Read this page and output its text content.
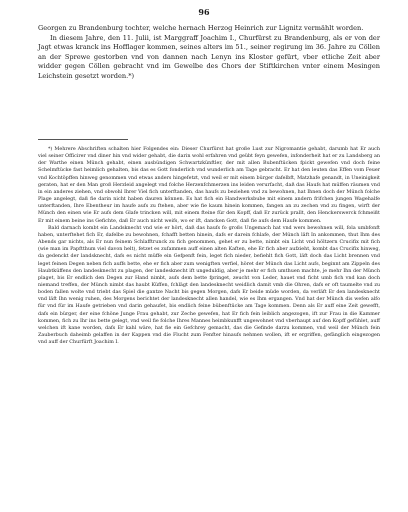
96

Georgen zu Brandenburg tochter, welche hernach Herzog Heinrich zur Lignitz vermählt worden.

In diesem Jahre, den 11. Julii, ist Marggraff Joachim I., Churfürst zu Brandenburg, als er von der Jagt etwas kranck ins Hofflager kommen, seines alters im 51., seiner regirung im 36. Jahre zu Cöllen an der Sprewe gestorben vnd von dannen nach Lenyn ins Kloster gefürt, vber etliche Zeit aber widder gegen Cöllen gebracht vnd im Gewelbe des Chors der Stiftkirchen vnter einem Mesingen Leichstein gesetzt worden.*)

*) Mehrere Abschriften schalten hier Folgendes ein: Dieser Churfürst hat große Lust zur Nigromantie gehabt, darumb hat Er auch viel seiner Officirer vnd diner hin vnd wider gehabt, die darin wohl erfahren vnd geübt feyn gewefen, infonderheit hat er zu Landsberg an der Warthe einen Münch gehabt, einen ausbündigen Schwartzkünftler, der mit allen Bubenftücken fpickt gewefen vnd doch feine Schelmftücke fast heimlich gehalten, bis das es Gott fonderlich vnd wunderlich am Tage gebracht. Er hat den leuten das Effen vom Feuer vnd Kochtöpffen hinweg genommen vnd etwas anders hingefetzt, vnd weil er mit einem bürger dafelbft, Matzhafe genandt, in Uneinigkeit geraten, hat er den Man groß Herzleid angelegt vnd folche Herzenfchmerzen ins leiden verurfacht, daß das Haufs hat müffen räumen vnd in ein anderes ziehen, vnd obwohl Ihrer Viel fich unterftanden, das haufs zu beziehen vnd zu bewohnen, hat Ihnen doch der Münch folche Plage angelegt, daß fie darin nicht haben dauren können. Es hat fich ein Handwerksbube mit einem andern frifchen jungen Wagehalfe unterftanden, Ihre Ebentheur im haufe aufs zu ftehen, aber wie fie kaum hinein kommen, fangen an zu zechen vnd zu fingen, wirft der Münch den einen wie Er aufs dem Glafe trincken will, mit einem fteine für den Kopff, daß Er zurück prallt, den Henckerswerck fchmeißt Er mit einem beine ins Gefichte, daß Er auch nicht weifs, wo er ift, dancken Gott, daß fie aufs dem Haufe kommen.

Bald darnach kombt ein Landsknecht vnd wie er hört, daß das haufs fo großs Ungemach hat vnd wers bewohnen will, fola umbfonft haben, unterftehet fich Er, dafelbe zu bewohnen, fchafft betten hinein, dafs er darein fchlafe, der Münch läft In ankommen, thut Ihm des Abends gar nichts, als Er nun feinem Schlafftrunck zu fich genommen, gehet er zu bette, nimbt ein Licht vnd höltzern Crucifix mit fich (wie man im Papftthum viel davon helt), fetzet es zufammen auff einen alten Kaften, ehe Er fich aber aufzieht, kombt das Crucifix hinweg, da gedenckt der landsknecht, dafs es nicht müffe ein Gefpenft fein, leget fich nieder, befiehlt fich Gott, läft doch das Licht brennen vnd leget feinen Degen neben fich auffs bette, ehe er fich aber zum wenigften verfiel, höret der Münch das Licht aufs, beginnt am Zippeln des Haubtküffens den landesknecht zu plagen, der landesknecht ift ungeduldig, aber je mehr er fich umthuen machte, je mehr Ihn der Münch plaget, bis Er endlich den Degen zur Hand nimbt, aufs dem bette fpringet, zeucht von Leder, hauet vnd ficht umb fich vnd kan doch niemand treffen, der Münch nimbt das haubt Küffen, fchlägt den landesknecht weidlich damit vmb die Ohren, dafs er oft taumelte vnd zu boden fallen wolte vnd triebt das Spiel die gantze Nacht bis gegen Morgen, dafs Er beide müde worden, da verläft Er den landesknecht vnd läft Ihn wenig ruhen, des Morgens berichtet der landesknecht allen handel, wie es Ihm ergangen. Vnd hat der Münch dis wefen alfo für vnd für im Haufe getrieben vnd darin gehaufet, bis endlich feine bübenftücke am Tage kommen. Denn als Er auff eine Zeit gewefft, dafs ein bürger, der eine fchöne Junge Frau gehabt, zur Zeche gewefen, hat Er fich fein leiblich angezogen, ift zur Frau in die Kammer kommen, fich zu Ihr ins bette gelegt, vnd weil fie folche Ihres Mannes heimbkunfft ungewohnet vnd vberhaupt auf den Kopff gefühlet, auff welchen ift kane worden, dafs Er kahl wäre, hat fie ein Gefchrey gemacht, das die Gefinde darzu kommen, vnd weil der Münch fein Zauberbuch daheimb gelaffen in der Kappen vnd die Flucht zum Fenfter hinaufs nehmen wollen, ift er ergriffen, gefänglich eingezogen vnd auff der Churfürft Joachim I.
